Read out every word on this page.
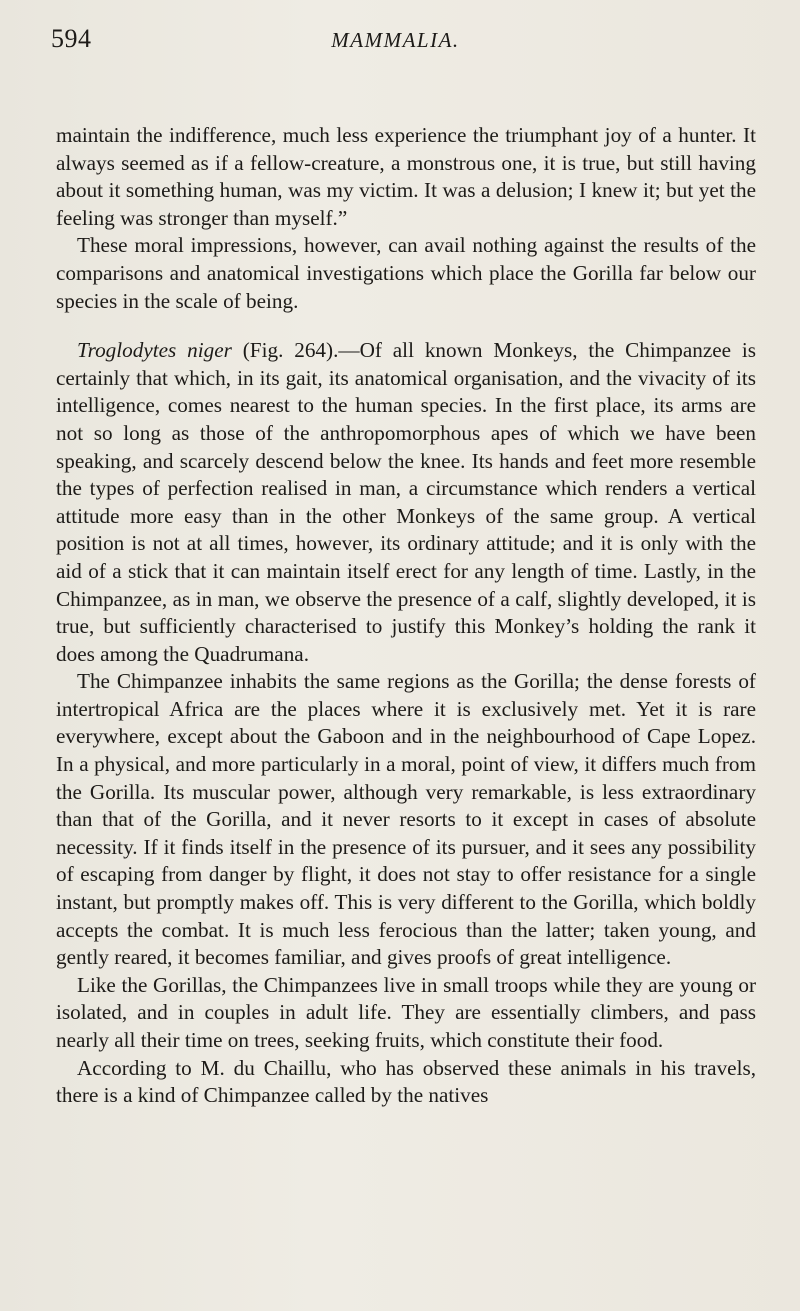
594	MAMMALIA.

maintain the indifference, much less experience the triumphant joy of a hunter. It always seemed as if a fellow-creature, a monstrous one, it is true, but still having about it something human, was my victim. It was a delusion; I knew it; but yet the feeling was stronger than myself.”

These moral impressions, however, can avail nothing against the results of the comparisons and anatomical investigations which place the Gorilla far below our species in the scale of being.

Troglodytes niger (Fig. 264).—Of all known Monkeys, the Chimpanzee is certainly that which, in its gait, its anatomical organisation, and the vivacity of its intelligence, comes nearest to the human species. In the first place, its arms are not so long as those of the anthropomorphous apes of which we have been speaking, and scarcely descend below the knee. Its hands and feet more resemble the types of perfection realised in man, a circumstance which renders a vertical attitude more easy than in the other Monkeys of the same group. A vertical position is not at all times, however, its ordinary attitude; and it is only with the aid of a stick that it can maintain itself erect for any length of time. Lastly, in the Chimpanzee, as in man, we observe the presence of a calf, slightly developed, it is true, but sufficiently characterised to justify this Monkey’s holding the rank it does among the Quadrumana.

The Chimpanzee inhabits the same regions as the Gorilla; the dense forests of intertropical Africa are the places where it is exclusively met. Yet it is rare everywhere, except about the Gaboon and in the neighbourhood of Cape Lopez. In a physical, and more particularly in a moral, point of view, it differs much from the Gorilla. Its muscular power, although very remarkable, is less extraordinary than that of the Gorilla, and it never resorts to it except in cases of absolute necessity. If it finds itself in the presence of its pursuer, and it sees any possibility of escaping from danger by flight, it does not stay to offer resistance for a single instant, but promptly makes off. This is very different to the Gorilla, which boldly accepts the combat. It is much less ferocious than the latter; taken young, and gently reared, it becomes familiar, and gives proofs of great intelligence.

Like the Gorillas, the Chimpanzees live in small troops while they are young or isolated, and in couples in adult life. They are essentially climbers, and pass nearly all their time on trees, seeking fruits, which constitute their food.

According to M. du Chaillu, who has observed these animals in his travels, there is a kind of Chimpanzee called by the natives
